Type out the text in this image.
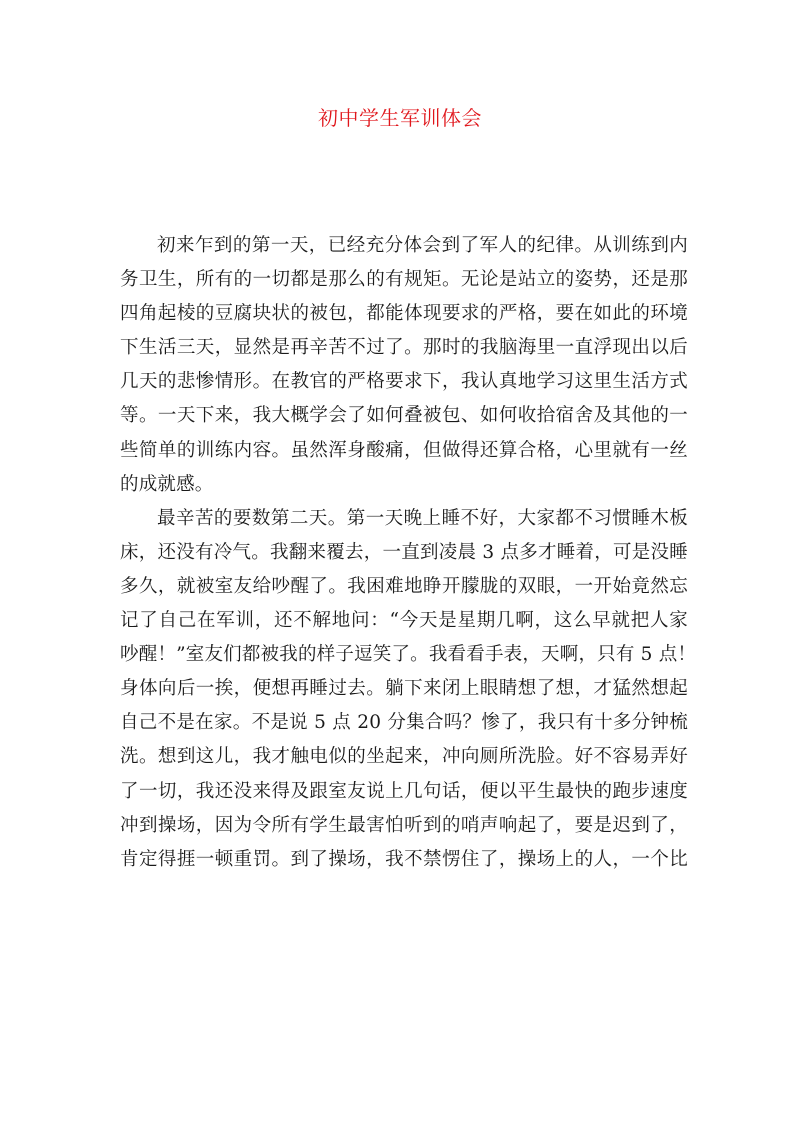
初中学生军训体会

初来乍到的第一天，已经充分体会到了军人的纪律。从训练到内
务卫生，所有的一切都是那么的有规矩。无论是站立的姿势，还是那
四角起棱的豆腐块状的被包，都能体现要求的严格，要在如此的环境
下生活三天，显然是再辛苦不过了。那时的我脑海里一直浮现出以后
几天的悲惨情形。在教官的严格要求下，我认真地学习这里生活方式
等。一天下来，我大概学会了如何叠被包、如何收拾宿舍及其他的一
些简单的训练内容。虽然浑身酸痛，但做得还算合格，心里就有一丝
的成就感。

最辛苦的要数第二天。第一天晚上睡不好，大家都不习惯睡木板
床，还没有冷气。我翻来覆去，一直到凌晨 3 点多才睡着，可是没睡
多久，就被室友给吵醒了。我困难地睁开朦胧的双眼，一开始竟然忘
记了自己在军训，还不解地问：“今天是星期几啊，这么早就把人家
吵醒！”室友们都被我的样子逗笑了。我看看手表，天啊，只有 5 点！
身体向后一挨，便想再睡过去。躺下来闭上眼睛想了想，才猛然想起
自己不是在家。不是说 5 点 20 分集合吗？惨了，我只有十多分钟梳
洗。想到这儿，我才触电似的坐起来，冲向厕所洗脸。好不容易弄好
了一切，我还没来得及跟室友说上几句话，便以平生最快的跑步速度
冲到操场，因为令所有学生最害怕听到的哨声响起了，要是迟到了，
肯定得捱一顿重罚。到了操场，我不禁愣住了，操场上的人，一个比
